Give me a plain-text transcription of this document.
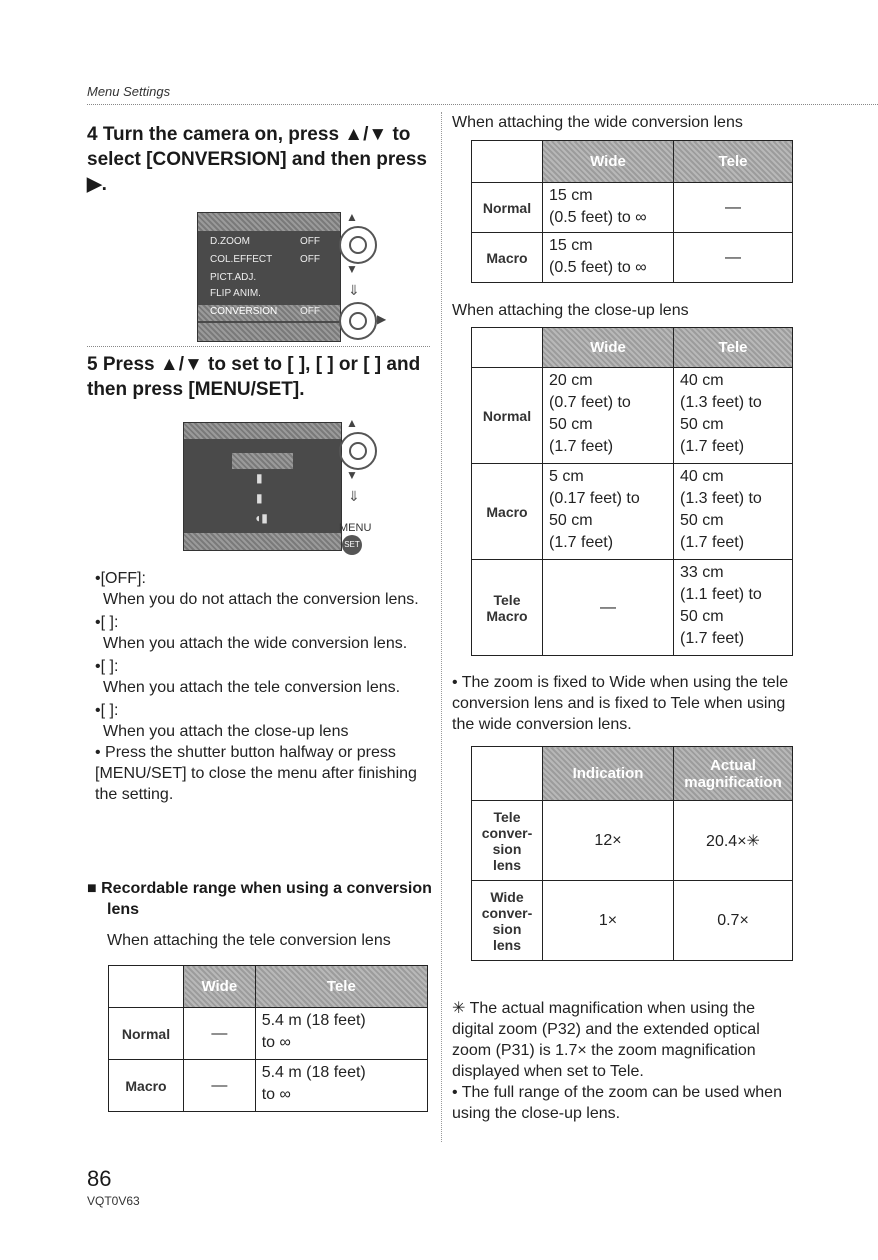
Menu Settings
4 Turn the camera on, press ▲/▼ to select [CONVERSION] and then press ▶.
D.ZOOM
COL.EFFECT
PICT.ADJ.
FLIP ANIM.
CONVERSION
OFF
OFF
OFF
▲
▼
⇓
▶
5 Press ▲/▼ to set to [ ], [ ] or [ ] and then press [MENU/SET].
▮
▮
◖▮
▲
▼
⇓
MENU
SET
•[OFF]:
When you do not attach the conversion lens.
•[ ]:
When you attach the wide conversion lens.
•[ ]:
When you attach the tele conversion lens.
•[ ]:
When you attach the close-up lens
• Press the shutter button halfway or press [MENU/SET] to close the menu after finishing the setting.
■ Recordable range when using a conversion lens
When attaching the tele conversion lens
	Wide	Tele
Normal	—	5.4 m (18 feet)
to ∞

Macro	—	5.4 m (18 feet)
to ∞
When attaching the wide conversion lens
	Wide	Tele
Normal	15 cm
(0.5 feet) to ∞	—
Macro	15 cm
(0.5 feet) to ∞	—
When attaching the close-up lens
	Wide	Tele
Normal	20 cm
(0.7 feet) to
50 cm
(1.7 feet)	40 cm
(1.3 feet) to
50 cm
(1.7 feet)

Macro	5 cm
(0.17 feet) to
50 cm
(1.7 feet)	40 cm
(1.3 feet) to
50 cm
(1.7 feet)

Tele Macro	—	33 cm
(1.1 feet) to
50 cm
(1.7 feet)
• The zoom is fixed to Wide when using the tele conversion lens and is fixed to Tele when using the wide conversion lens.
	Indication	Actual magnification
Tele conver-sion lens	12×	20.4×✳
Wide conver-sion lens	1×	0.7×
✳ The actual magnification when using the digital zoom (P32) and the extended optical zoom (P31) is 1.7× the zoom magnification displayed when set to Tele.
• The full range of the zoom can be used when using the close-up lens.
86
VQT0V63
